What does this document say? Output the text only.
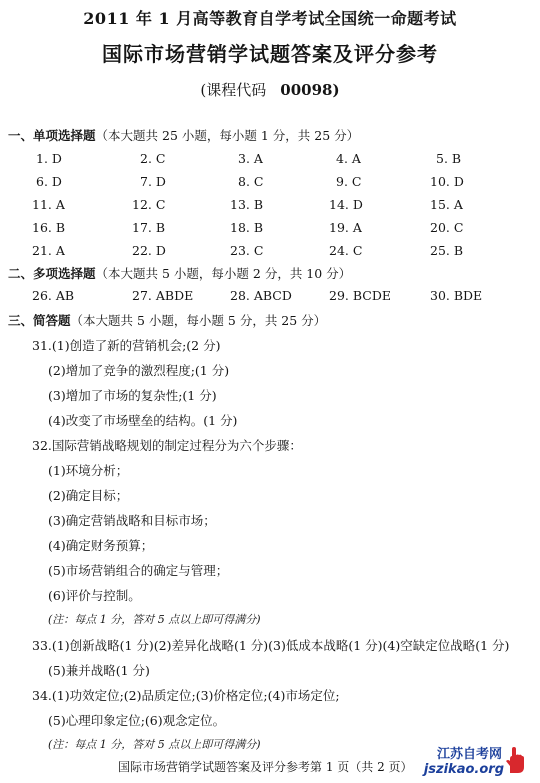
2011 年 1 月高等教育自学考试全国统一命题考试
国际市场营销学试题答案及评分参考
(课程代码 00098)
一、单项选择题（本大题共 25 小题，每小题 1 分，共 25 分）
1. D	2. C	3. A	4. A	5. B
6. D	7. D	8. C	9. C	10. D
11. A	12. C	13. B	14. D	15. A
16. B	17. B	18. B	19. A	20. C
21. A	22. D	23. C	24. C	25. B
二、多项选择题（本大题共 5 小题，每小题 2 分，共 10 分）
26. AB	27. ABDE	28. ABCD	29. BCDE	30. BDE
三、简答题（本大题共 5 小题，每小题 5 分，共 25 分）
31.(1)创造了新的营销机会;(2 分)
(2)增加了竞争的激烈程度;(1 分)
(3)增加了市场的复杂性;(1 分)
(4)改变了市场壁垒的结构。(1 分)
32.国际营销战略规划的制定过程分为六个步骤：
(1)环境分析；
(2)确定目标；
(3)确定营销战略和目标市场；
(4)确定财务预算；
(5)市场营销组合的确定与管理；
(6)评价与控制。
(注：每点 1 分，答对 5 点以上即可得满分)
33.(1)创新战略(1 分)(2)差异化战略(1 分)(3)低成本战略(1 分)(4)空缺定位战略(1 分)
(5)兼并战略(1 分)
34.(1)功效定位;(2)品质定位;(3)价格定位;(4)市场定位;
(5)心理印象定位;(6)观念定位。
(注：每点 1 分，答对 5 点以上即可得满分)
国际市场营销学试题答案及评分参考第 1 页（共 2 页）
江苏自考网
jszikao.org
